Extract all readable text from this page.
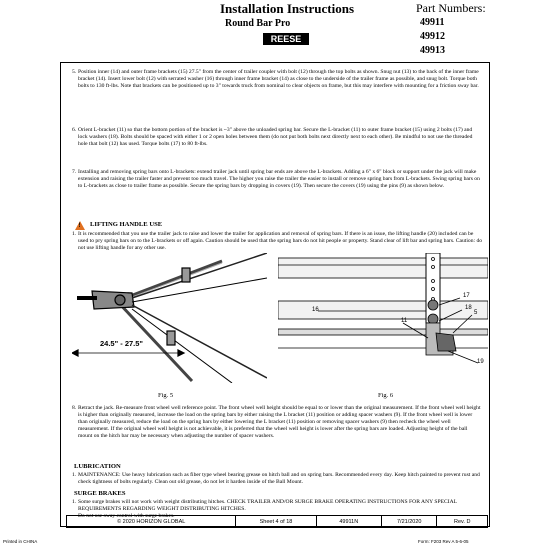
Installation Instructions
Round Bar Pro
REESE
Part Numbers:
49911
49912
49913
5. Position inner (14) and outer frame brackets (15) 27.5" from the center of trailer coupler with bolt (12) through the top bolts as shown. Snug nut (13) to the back of the inner frame bracket (14). Insert lower bolt (12) with serrated washer (16) through inner frame bracket (14) as close to the underside of the trailer frame as possible, and snug bolt. Torque both bolts to 130 ft-lbs. Note that brackets can be positioned up to 3" towards truck from nominal to clear objects on frame, but this may interfere with mounting for a friction sway bar.
6. Orient L-bracket (11) so that the bottom portion of the bracket is ~3" above the unloaded spring bar. Secure the L-bracket (11) to outer frame bracket (15) using 2 bolts (17) and lock washers (18). Bolts should be spaced with either 1 or 2 open holes between them (do not put both bolts next directly next to each other). Be mindful to not use the threaded hole that bolt (12) has used. Torque bolts (17) to 80 ft-lbs.
7. Installing and removing spring bars onto L-brackets: extend trailer jack until spring bar ends are above the L-brackets. Adding a 6" x 6" block or support under the jack will make extension and raising the trailer faster and prevent too much travel. The higher you raise the trailer the easier to install or remove spring bars from L-brackets. Swing spring bars on to L-brackets as close to trailer frame as possible. Secure the spring bars by dropping in covers (19). Then secure the covers (19) using the pins (9) as shown below.
! LIFTING HANDLE USE
1. It is recommended that you use the trailer jack to raise and lower the trailer for application and removal of spring bars. If there is an issue, the lifting handle (20) included can be used to pry spring bars on to the L-brackets or off again. Caution should be used that the spring bars do not hit people or property. Stand clear of lift bar and spring bars. Caution: do not use lifting handle for any other use.
24.5" - 27.5"
Fig. 5
17
18
16
11
5
19
Fig. 6
8. Retract the jack. Re-measure front wheel well reference point. The front wheel well height should be equal to or lower than the original measurement. If the front wheel well height is higher than originally measured, increase the load on the spring bars by either raising the L bracket (11) position or adding spacer washers (9). If the front wheel well is lower than originally measured, reduce the load on the spring bars by either lowering the L bracket (11) position or removing spacer washers (9) then recheck the wheel well measurement. If the original wheel well height is not achievable, it is preferred that the wheel well height is lower after the spring bars are loaded. Adjusting height of the ball mount on the hitch bar may be necessary when adjusting the number of spacer washers.
LUBRICATION
1. MAINTENANCE: Use heavy lubrication such as fiber type wheel bearing grease on hitch ball and on spring bars. Recommended every day. Keep hitch painted to prevent rust and check tightness of bolts regularly. Clean out old grease, do not let it harden inside of the Ball Mount.
SURGE BRAKES
1. Some surge brakes will not work with weight distributing hitches. CHECK TRAILER AND/OR SURGE BRAKE OPERATING INSTRUCTIONS FOR ANY SPECIAL REQUIREMENTS REGARDING WEIGHT DISTRIBUTING HITCHES.
Do not use sway control with surge brakes.
© 2020 HORIZON GLOBAL	Sheet 4 of 18	49911N	7/21/2020	Rev. D
Printed in CHINA	Form: F203 Rev A 5-6-05
